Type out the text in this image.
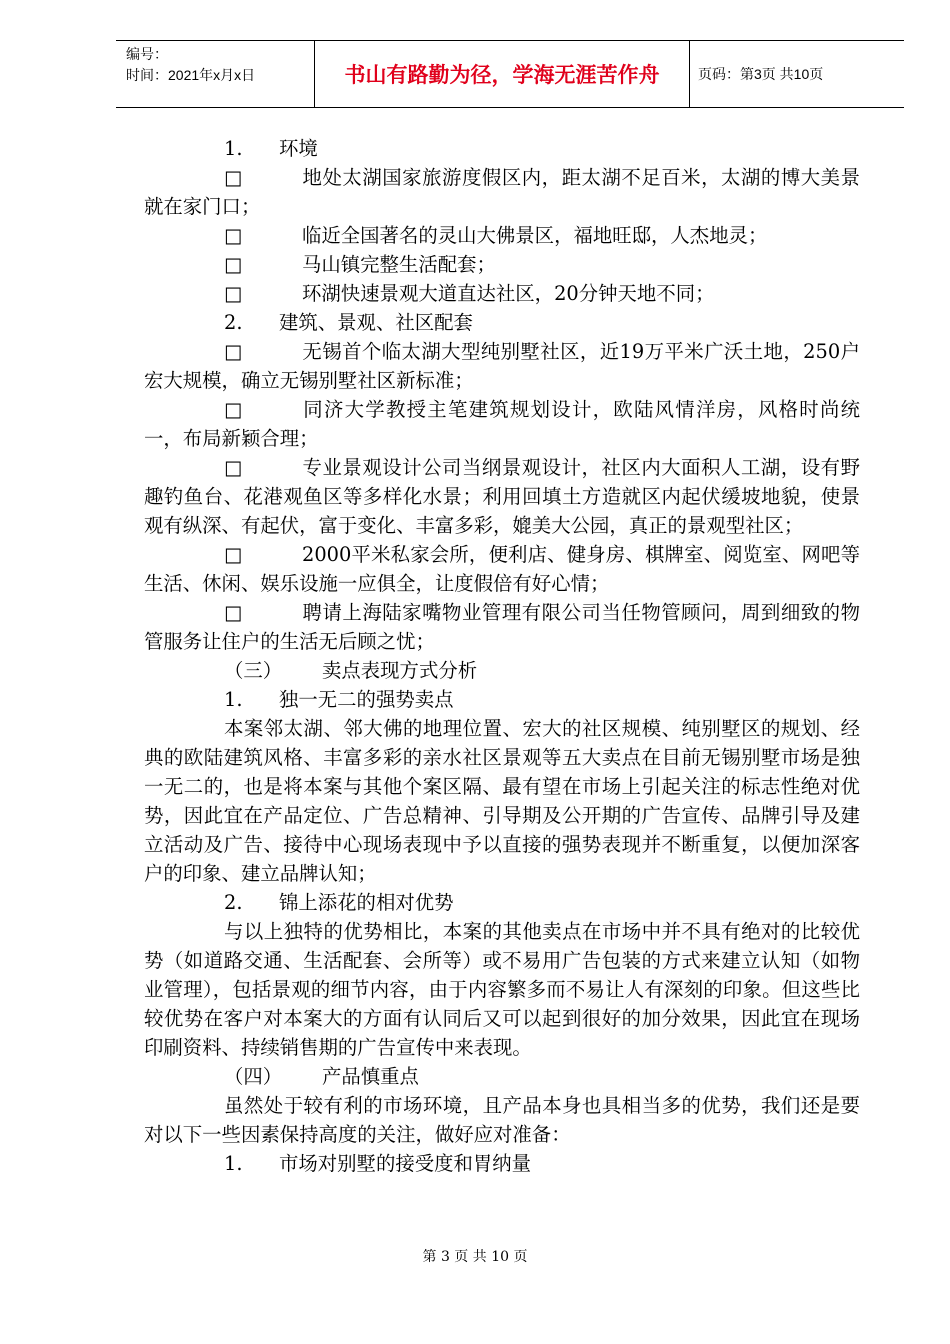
编号：
时间：2021年x月x日	书山有路勤为径，学海无涯苦作舟	页码：第3页 共10页

1. 环境

□	地处太湖国家旅游度假区内，距太湖不足百米，太湖的博大美景就在家门口；

□	临近全国著名的灵山大佛景区，福地旺邸，人杰地灵；

□	马山镇完整生活配套；

□	环湖快速景观大道直达社区，20分钟天地不同；

2. 建筑、景观、社区配套

□	无锡首个临太湖大型纯别墅社区，近19万平米广沃土地，250户宏大规模，确立无锡别墅社区新标准；

□	同济大学教授主笔建筑规划设计，欧陆风情洋房，风格时尚统一，布局新颖合理；

□	专业景观设计公司当纲景观设计，社区内大面积人工湖，设有野趣钓鱼台、花港观鱼区等多样化水景；利用回填土方造就区内起伏缓坡地貌，使景观有纵深、有起伏，富于变化、丰富多彩，媲美大公园，真正的景观型社区；

□	2000平米私家会所，便利店、健身房、棋牌室、阅览室、网吧等生活、休闲、娱乐设施一应俱全，让度假倍有好心情；

□	聘请上海陆家嘴物业管理有限公司当任物管顾问，周到细致的物管服务让住户的生活无后顾之忧；

（三） 卖点表现方式分析

1. 独一无二的强势卖点

本案邻太湖、邻大佛的地理位置、宏大的社区规模、纯别墅区的规划、经典的欧陆建筑风格、丰富多彩的亲水社区景观等五大卖点在目前无锡别墅市场是独一无二的，也是将本案与其他个案区隔、最有望在市场上引起关注的标志性绝对优势，因此宜在产品定位、广告总精神、引导期及公开期的广告宣传、品牌引导及建立活动及广告、接待中心现场表现中予以直接的强势表现并不断重复，以便加深客户的印象、建立品牌认知；

2. 锦上添花的相对优势

与以上独特的优势相比，本案的其他卖点在市场中并不具有绝对的比较优势（如道路交通、生活配套、会所等）或不易用广告包装的方式来建立认知（如物业管理），包括景观的细节内容，由于内容繁多而不易让人有深刻的印象。但这些比较优势在客户对本案大的方面有认同后又可以起到很好的加分效果，因此宜在现场印刷资料、持续销售期的广告宣传中来表现。

（四） 产品慎重点

虽然处于较有利的市场环境，且产品本身也具相当多的优势，我们还是要对以下一些因素保持高度的关注，做好应对准备：

1. 市场对别墅的接受度和胃纳量

第 3 页 共 10 页
